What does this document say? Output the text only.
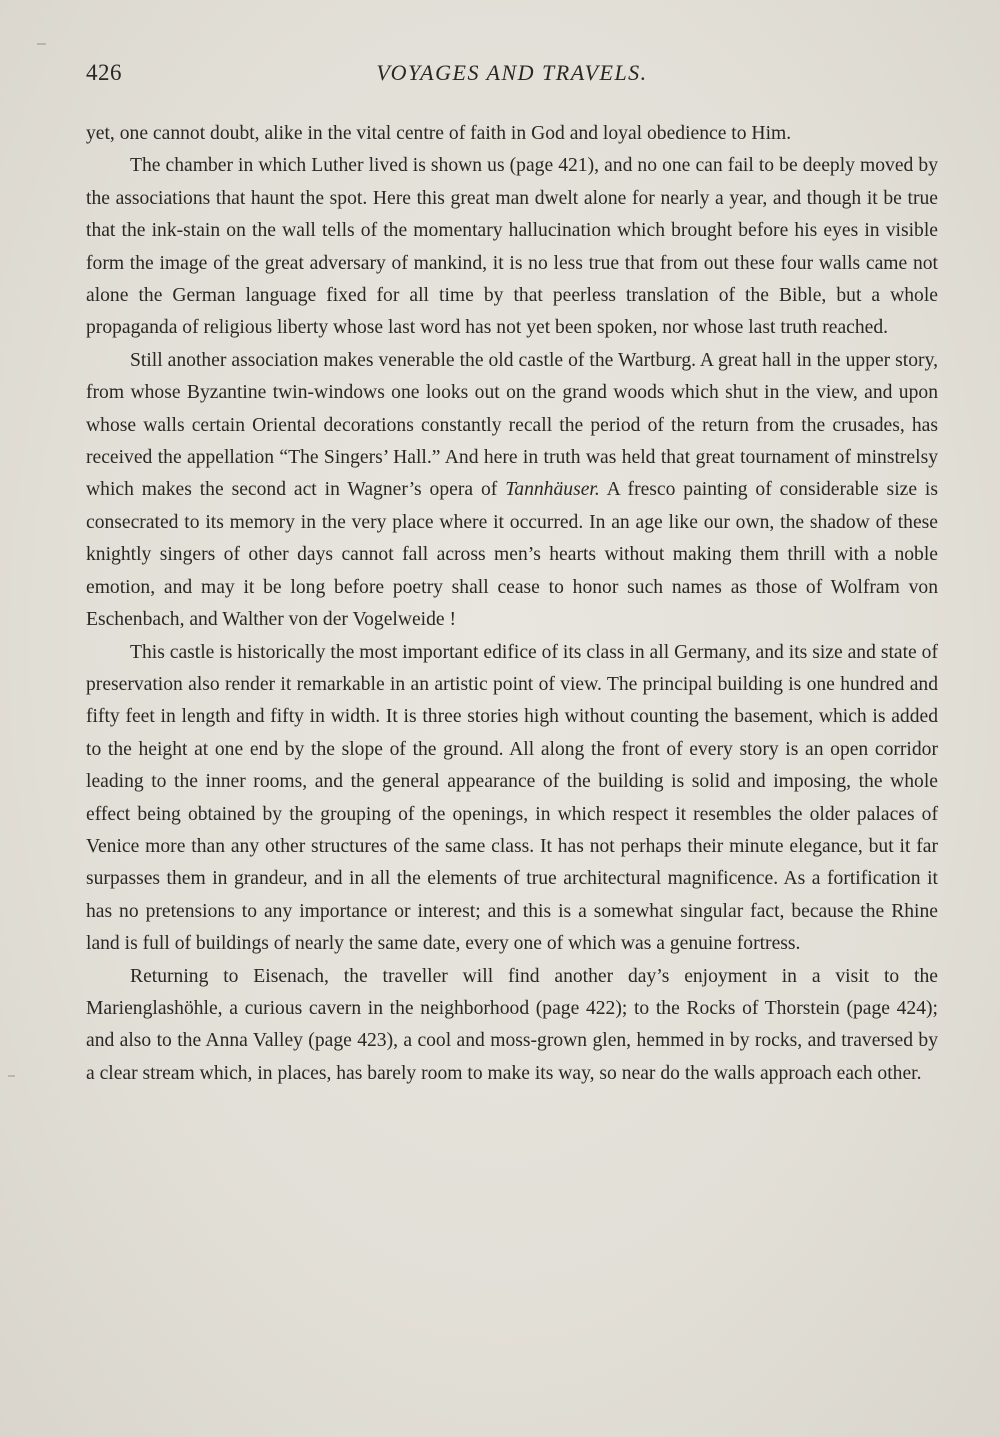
426	VOYAGES AND TRAVELS.

yet, one cannot doubt, alike in the vital centre of faith in God and loyal obedience to Him.

The chamber in which Luther lived is shown us (page 421), and no one can fail to be deeply moved by the associations that haunt the spot. Here this great man dwelt alone for nearly a year, and though it be true that the ink-stain on the wall tells of the momentary hallucination which brought before his eyes in visible form the image of the great adversary of mankind, it is no less true that from out these four walls came not alone the German language fixed for all time by that peerless translation of the Bible, but a whole propaganda of religious liberty whose last word has not yet been spoken, nor whose last truth reached.

Still another association makes venerable the old castle of the Wartburg. A great hall in the upper story, from whose Byzantine twin-windows one looks out on the grand woods which shut in the view, and upon whose walls certain Oriental decorations constantly recall the period of the return from the crusades, has received the appellation “The Singers’ Hall.” And here in truth was held that great tournament of minstrelsy which makes the second act in Wagner’s opera of Tannhäuser. A fresco painting of considerable size is consecrated to its memory in the very place where it occurred. In an age like our own, the shadow of these knightly singers of other days cannot fall across men’s hearts without making them thrill with a noble emotion, and may it be long before poetry shall cease to honor such names as those of Wolfram von Eschenbach, and Walther von der Vogelweide !

This castle is historically the most important edifice of its class in all Germany, and its size and state of preservation also render it remarkable in an artistic point of view. The principal building is one hundred and fifty feet in length and fifty in width. It is three stories high without counting the basement, which is added to the height at one end by the slope of the ground. All along the front of every story is an open corridor leading to the inner rooms, and the general appearance of the building is solid and imposing, the whole effect being obtained by the grouping of the openings, in which respect it resembles the older palaces of Venice more than any other structures of the same class. It has not perhaps their minute elegance, but it far surpasses them in grandeur, and in all the elements of true architectural magnificence. As a fortification it has no pretensions to any importance or interest; and this is a somewhat singular fact, because the Rhine land is full of buildings of nearly the same date, every one of which was a genuine fortress.

Returning to Eisenach, the traveller will find another day’s enjoyment in a visit to the Marienglashöhle, a curious cavern in the neighborhood (page 422); to the Rocks of Thorstein (page 424); and also to the Anna Valley (page 423), a cool and moss-grown glen, hemmed in by rocks, and traversed by a clear stream which, in places, has barely room to make its way, so near do the walls approach each other.
